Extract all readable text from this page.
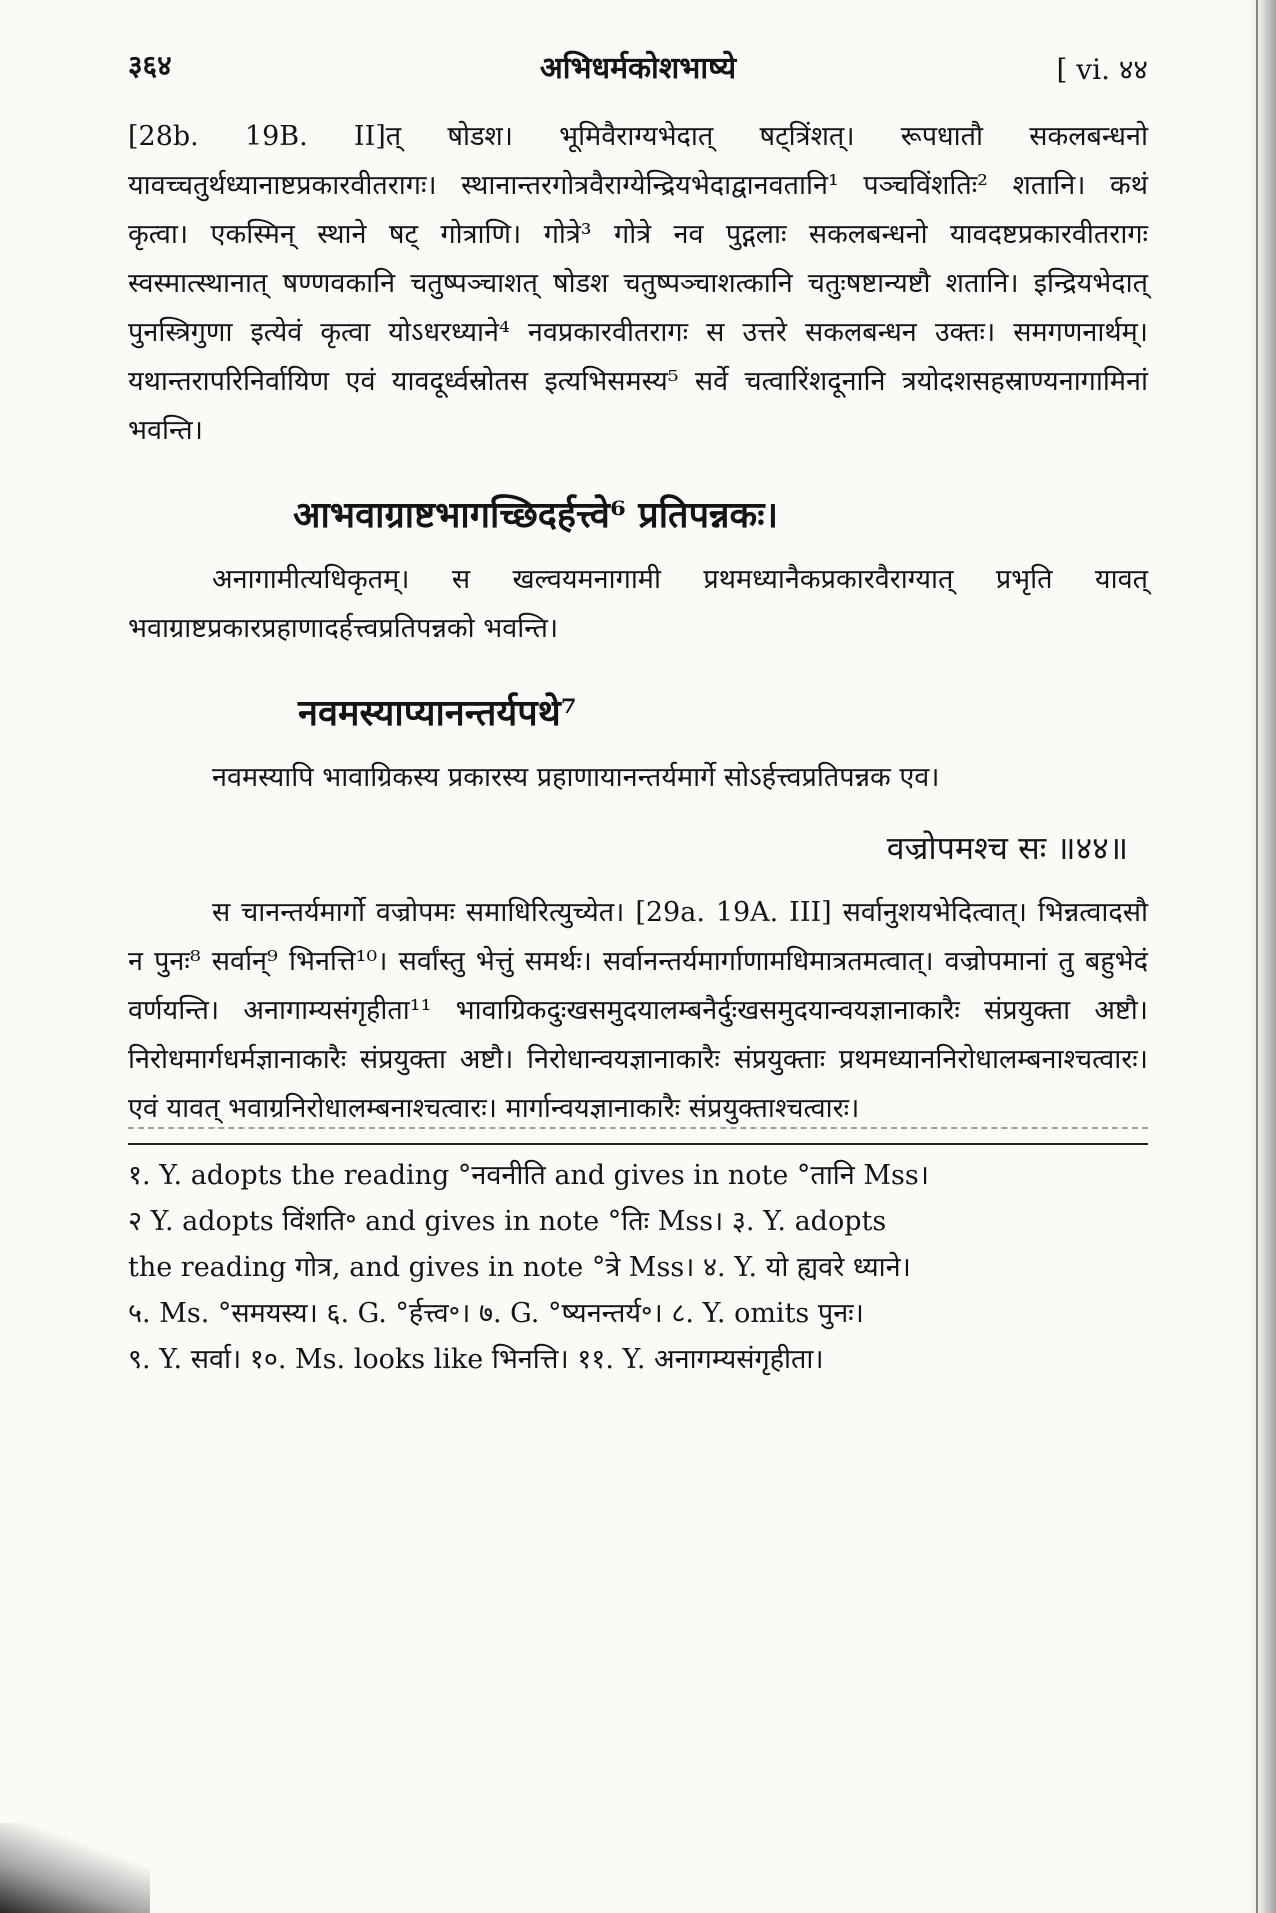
३६४	अभिधर्मकोशभाष्ये	[ vi. ४४

[28b. 19B. II]त् षोडश। भूमिवैराग्यभेदात् षट्त्रिंशत्। रूपधातौ सकलबन्धनो यावच्चतुर्थध्यानाष्टप्रकारवीतरागः। स्थानान्तरगोत्रवैराग्येन्द्रियभेदाद्वानवतानि¹ पञ्चविंशतिः² शतानि। कथं कृत्वा। एकस्मिन् स्थाने षट् गोत्राणि। गोत्रे³ गोत्रे नव पुद्गलाः सकलबन्धनो यावदष्टप्रकारवीतरागः स्वस्मात्स्थानात् षण्णवकानि चतुष्पञ्चाशत् षोडश चतुष्पञ्चाशत्कानि चतुःषष्टान्यष्टौ शतानि। इन्द्रियभेदात् पुनस्त्रिगुणा इत्येवं कृत्वा योऽधरध्याने⁴ नवप्रकारवीतरागः स उत्तरे सकलबन्धन उक्तः। समगणनार्थम्। यथान्तरापरिनिर्वायिण एवं यावदूर्ध्वस्रोतस इत्यभिसमस्य⁵ सर्वे चत्वारिंशदूनानि त्रयोदशसहस्राण्यनागामिनां भवन्ति।

आभवाग्राष्टभागच्छिदर्हत्त्वे⁶ प्रतिपन्नकः।

अनागामीत्यधिकृतम्। स खल्वयमनागामी प्रथमध्यानैकप्रकारवैराग्यात् प्रभृति यावत् भवाग्राष्टप्रकारप्रहाणादर्हत्त्वप्रतिपन्नको भवन्ति।

नवमस्याप्यानन्तर्यपथे⁷

नवमस्यापि भावाग्रिकस्य प्रकारस्य प्रहाणायानन्तर्यमार्गे सोऽर्हत्त्वप्रतिपन्नक एव।

वज्रोपमश्च सः ॥४४॥

स चानन्तर्यमार्गो वज्रोपमः समाधिरित्युच्येत। [29a. 19A. III] सर्वानुशयभेदित्वात्। भिन्नत्वादसौ न पुनः⁸ सर्वान्⁹ भिनत्ति¹⁰। सर्वांस्तु भेत्तुं समर्थः। सर्वानन्तर्यमार्गाणामधिमात्रतमत्वात्। वज्रोपमानां तु बहुभेदं वर्णयन्ति। अनागाम्यसंगृहीता¹¹ भावाग्रिकदुःखसमुदयालम्बनैर्दुःखसमुदयान्वयज्ञानाकारैः संप्रयुक्ता अष्टौ। निरोधमार्गधर्मज्ञानाकारैः संप्रयुक्ता अष्टौ। निरोधान्वयज्ञानाकारैः संप्रयुक्ताः प्रथमध्याननिरोधालम्बनाश्चत्वारः। एवं यावत् भवाग्रनिरोधालम्बनाश्चत्वारः। मार्गान्वयज्ञानाकारैः संप्रयुक्ताश्चत्वारः।

१. Y. adopts the reading °नवनीति and gives in note °तानि Mss।
२ Y. adopts विंशति॰ and gives in note °तिः Mss। ३. Y. adopts
the reading गोत्र, and gives in note °त्रे Mss। ४. Y. यो ह्यवरे ध्याने।
५. Ms. °समयस्य। ६. G. °र्हत्त्व॰। ७. G. °ष्यनन्तर्य॰। ८. Y. omits पुनः।
९. Y. सर्वा। १०. Ms. looks like भिनत्ति। ११. Y. अनागम्यसंगृहीता।
